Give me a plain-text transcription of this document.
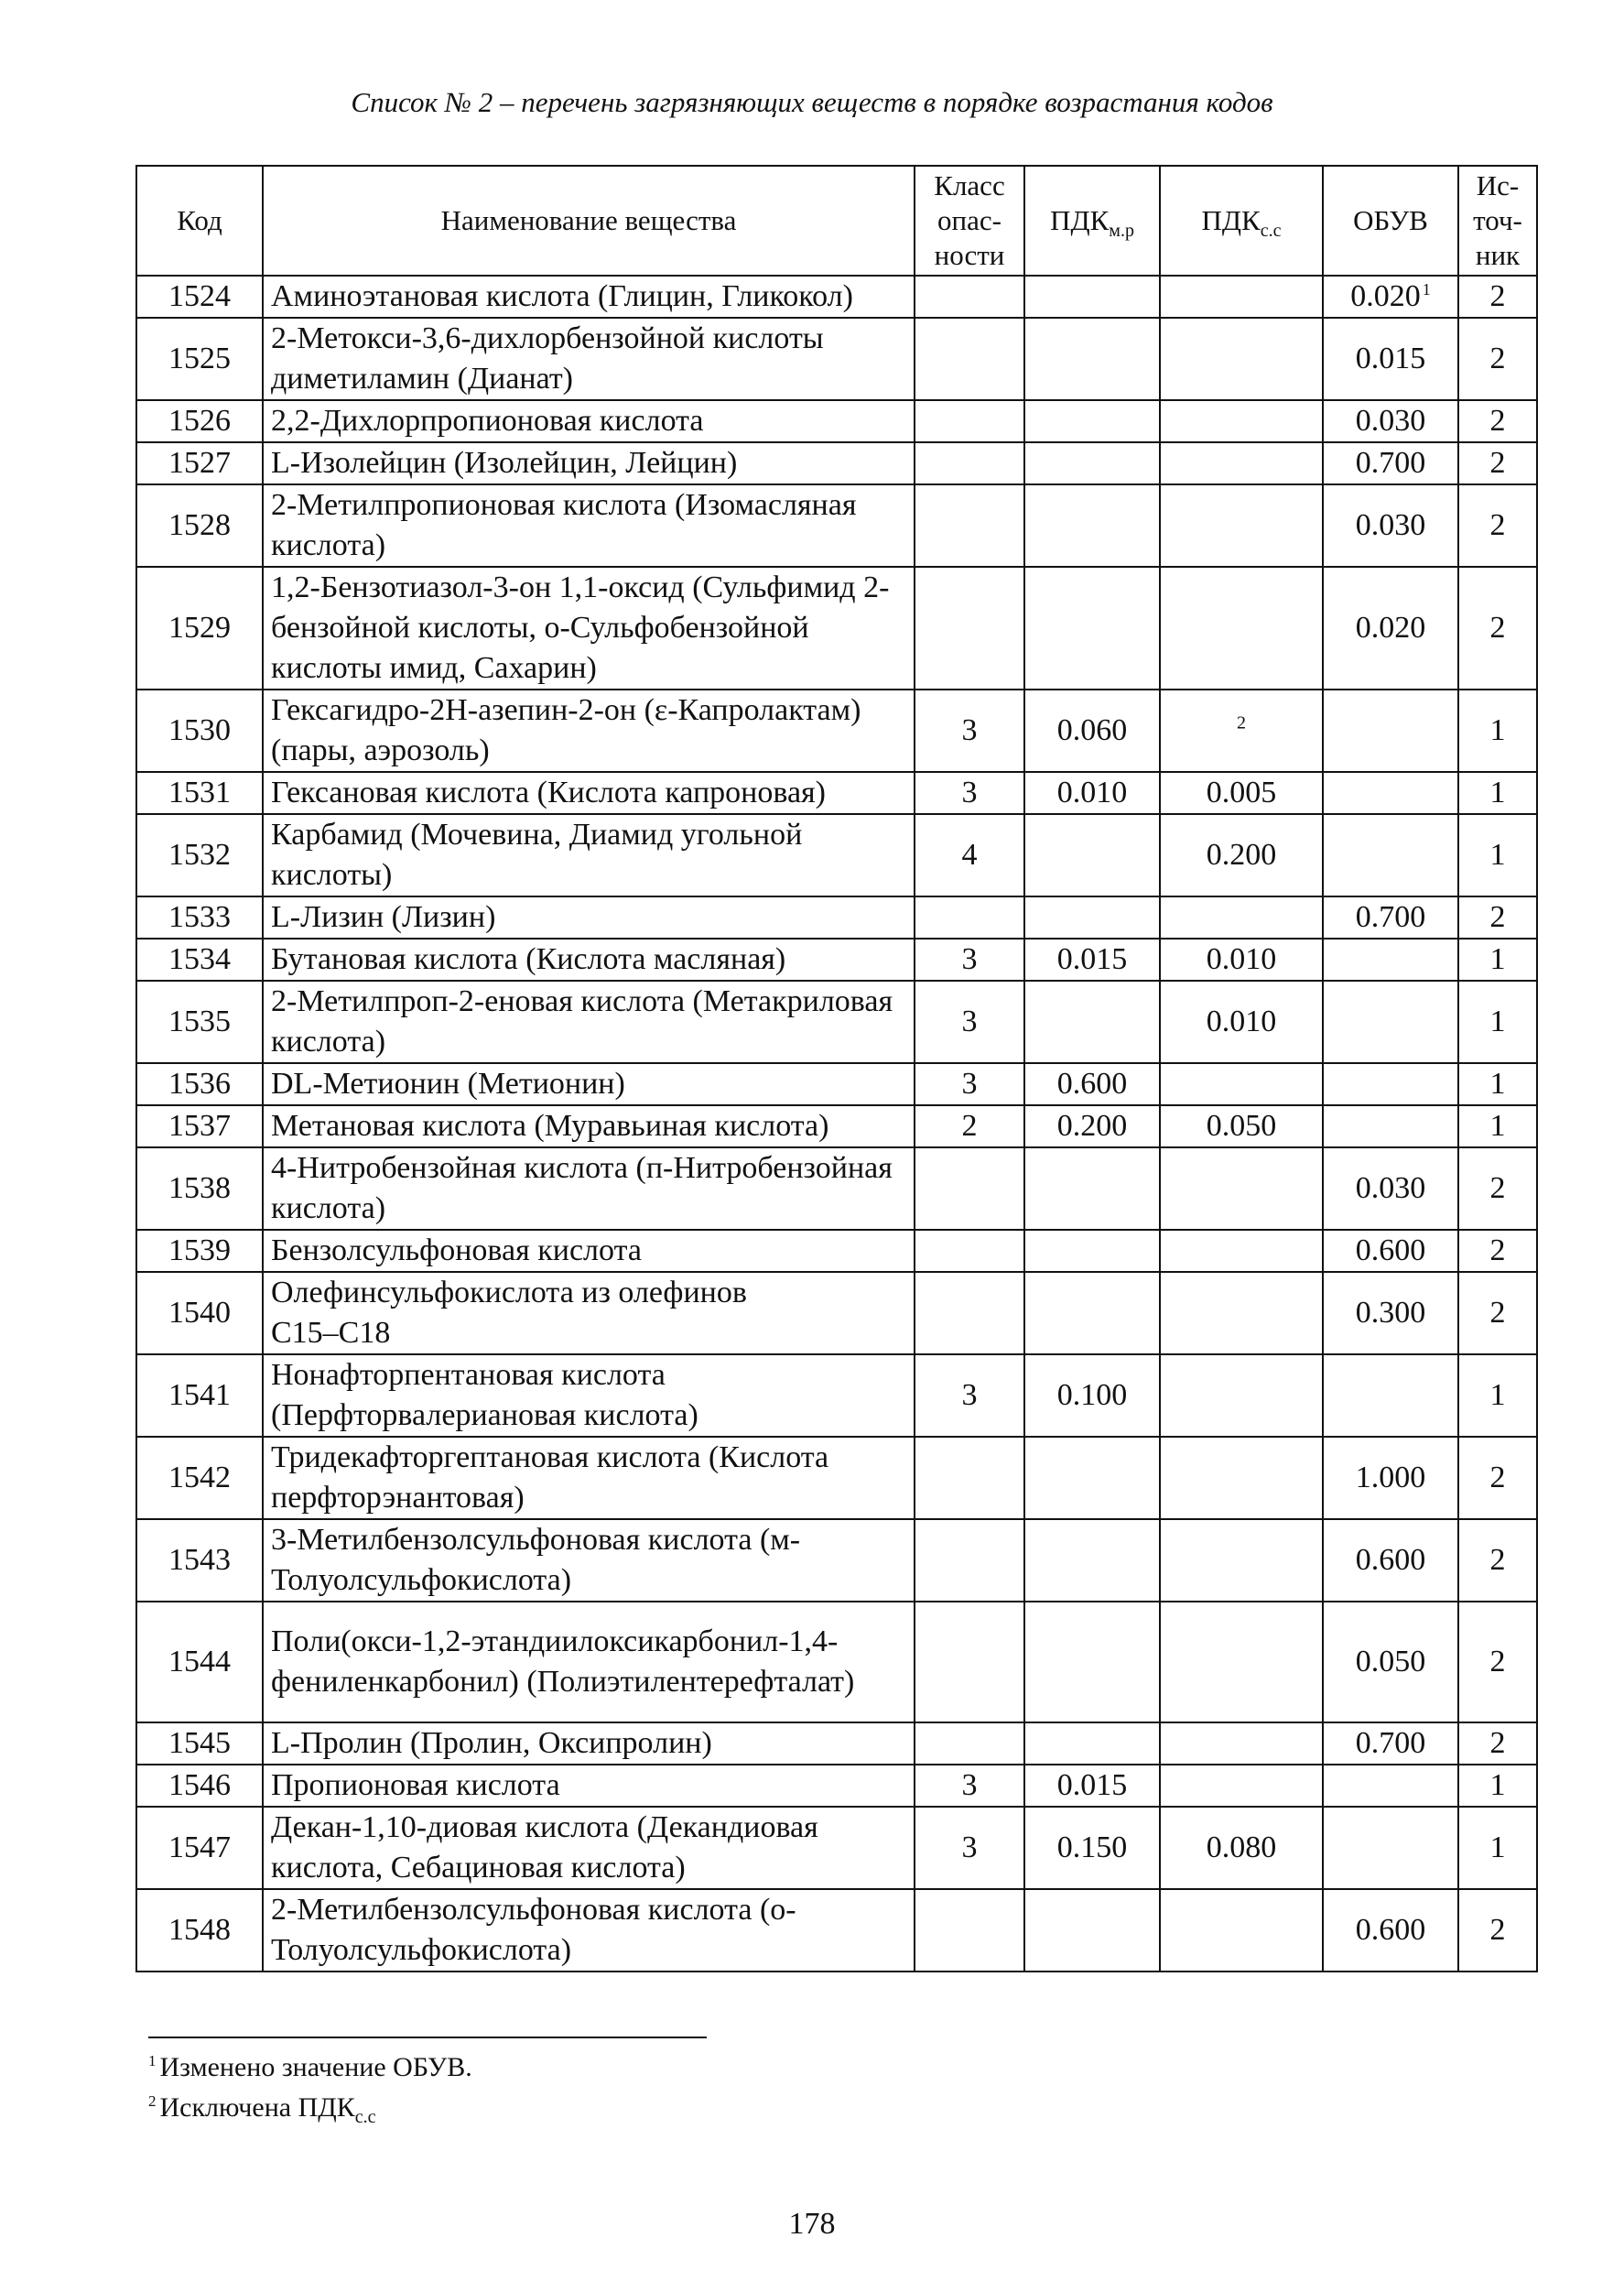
Список № 2 – перечень загрязняющих веществ в порядке возрастания кодов
Код	Наименование вещества	Класс опас- ности	$ПДК_{м.р}$	$ПДК_{с.с}$	ОБУВ	Ис- точ- ник
1524	Аминоэтановая кислота (Глицин, Гликокол)				0.020 $^1$	2
1525	2-Метокси-3,6-дихлорбензойной кислоты диметиламин (Дианат)				0.015	2
1526	2,2-Дихлорпропионовая кислота				0.030	2
1527	L-Изолейцин (Изолейцин, Лейцин)				0.700	2
1528	2-Метилпропионовая кислота (Изомасляная кислота)				0.030	2
1529	1,2-Бензотиазол-3-он 1,1-оксид (Сульфимид 2-бензойной кислоты, о-Сульфобензойной кислоты имид, Сахарин)				0.020	2
1530	Гексагидро-2Н-азепин-2-он (ε-Капролактам) (пары, аэрозоль)	3	0.060	$^2$		1
1531	Гексановая кислота (Кислота капроновая)	3	0.010	0.005		1
1532	Карбамид (Мочевина, Диамид угольной кислоты)	4		0.200		1
1533	L-Лизин (Лизин)				0.700	2
1534	Бутановая кислота (Кислота масляная)	3	0.015	0.010		1
1535	2-Метилпроп-2-еновая кислота (Метакриловая кислота)	3		0.010		1
1536	DL-Метионин (Метионин)	3	0.600			1
1537	Метановая кислота (Муравьиная кислота)	2	0.200	0.050		1
1538	4-Нитробензойная кислота (п-Нитробензойная кислота)				0.030	2
1539	Бензолсульфоновая кислота				0.600	2
1540	Олефинсульфокислота из олефинов
C15–C18				0.300	2
1541	Нонафторпентановая кислота (Перфторвалериановая кислота)	3	0.100			1
1542	Тридекафторгептановая кислота (Кислота перфторэнантовая)				1.000	2
1543	3-Метилбензолсульфоновая кислота (м-Толуолсульфокислота)				0.600	2
1544	Поли(окси-1,2-этандиилоксикарбонил-1,4-фениленкарбонил) (Полиэтилентерефталат)				0.050	2
1545	L-Пролин (Пролин, Оксипролин)				0.700	2
1546	Пропионовая кислота	3	0.015			1
1547	Декан-1,10-диовая кислота (Декандиовая кислота, Себациновая кислота)	3	0.150	0.080		1
1548	2-Метилбензолсульфоновая кислота (о-Толуолсульфокислота)				0.600	2
$^1$ Изменено значение ОБУВ.
$^2$ Исключена $ПДК_{с.с}$
178
